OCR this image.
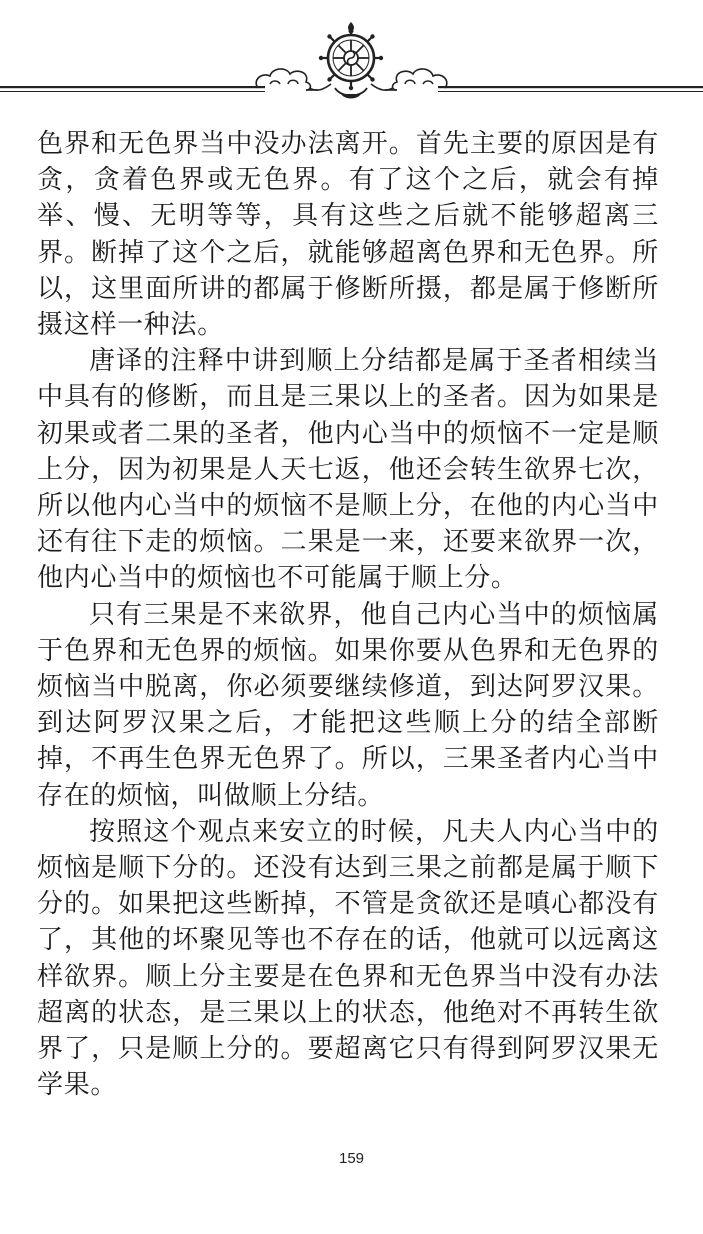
色界和无色界当中没办法离开。首先主要的原因是有贪，贪着色界或无色界。有了这个之后，就会有掉举、慢、无明等等，具有这些之后就不能够超离三界。断掉了这个之后，就能够超离色界和无色界。所以，这里面所讲的都属于修断所摄，都是属于修断所摄这样一种法。

唐译的注释中讲到顺上分结都是属于圣者相续当中具有的修断，而且是三果以上的圣者。因为如果是初果或者二果的圣者，他内心当中的烦恼不一定是顺上分，因为初果是人天七返，他还会转生欲界七次，所以他内心当中的烦恼不是顺上分，在他的内心当中还有往下走的烦恼。二果是一来，还要来欲界一次，他内心当中的烦恼也不可能属于顺上分。

只有三果是不来欲界，他自己内心当中的烦恼属于色界和无色界的烦恼。如果你要从色界和无色界的烦恼当中脱离，你必须要继续修道，到达阿罗汉果。到达阿罗汉果之后，才能把这些顺上分的结全部断掉，不再生色界无色界了。所以，三果圣者内心当中存在的烦恼，叫做顺上分结。

按照这个观点来安立的时候，凡夫人内心当中的烦恼是顺下分的。还没有达到三果之前都是属于顺下分的。如果把这些断掉，不管是贪欲还是嗔心都没有了，其他的坏聚见等也不存在的话，他就可以远离这样欲界。顺上分主要是在色界和无色界当中没有办法超离的状态，是三果以上的状态，他绝对不再转生欲界了，只是顺上分的。要超离它只有得到阿罗汉果无学果。

159
